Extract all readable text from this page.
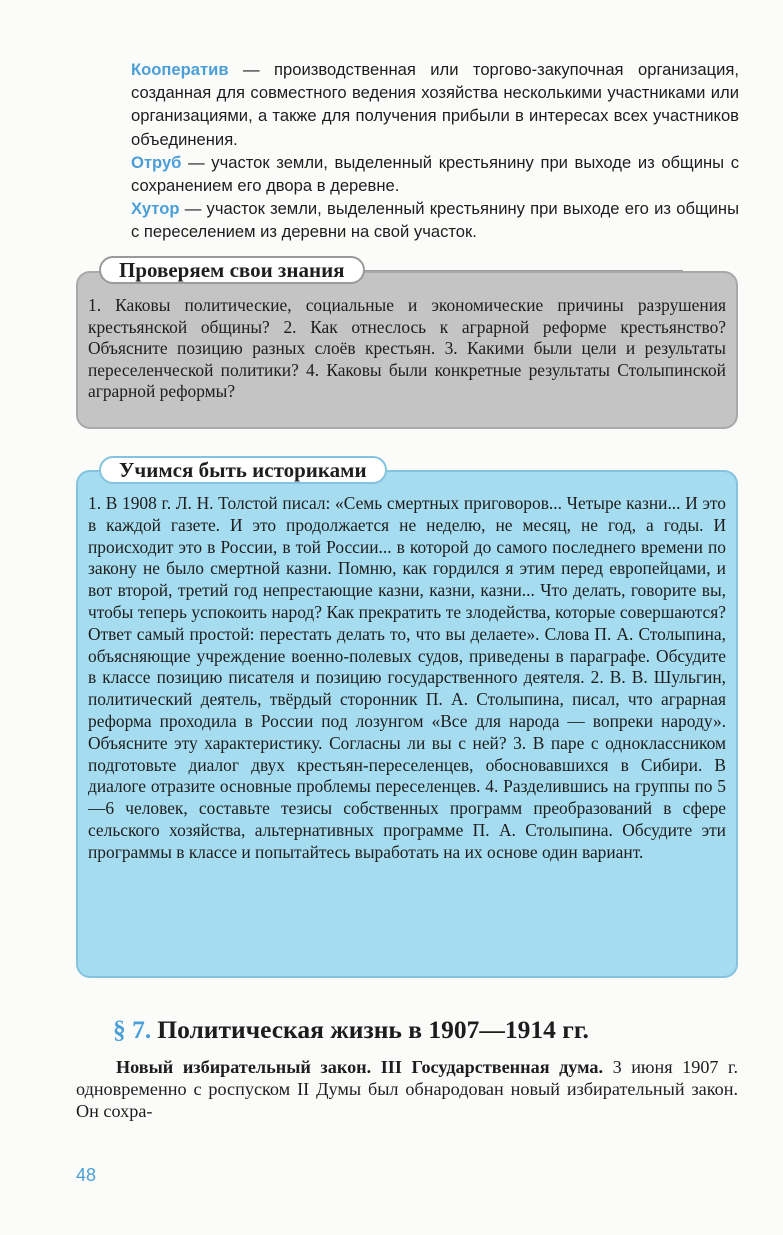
Кооператив — производственная или торгово-закупочная организация, созданная для совместного ведения хозяйства несколькими участниками или организациями, а также для получения прибыли в интересах всех участников объединения.

Отруб — участок земли, выделенный крестьянину при выходе из общины с сохранением его двора в деревне.

Хутор — участок земли, выделенный крестьянину при выходе его из общины с переселением из деревни на свой участок.

Проверяем свои знания

1. Каковы политические, социальные и экономические причины разрушения крестьянской общины? 2. Как отнеслось к аграрной реформе крестьянство? Объясните позицию разных слоёв крестьян. 3. Какими были цели и результаты переселенческой политики? 4. Каковы были конкретные результаты Столыпинской аграрной реформы?

Учимся быть историками

1. В 1908 г. Л. Н. Толстой писал: «Семь смертных приговоров... Четыре казни... И это в каждой газете. И это продолжается не неделю, не месяц, не год, а годы. И происходит это в России, в той России... в которой до самого последнего времени по закону не было смертной казни. Помню, как гордился я этим перед европейцами, и вот второй, третий год непрестающие казни, казни, казни... Что делать, говорите вы, чтобы теперь успокоить народ? Как прекратить те злодейства, которые совершаются? Ответ самый простой: перестать делать то, что вы делаете». Слова П. А. Столыпина, объясняющие учреждение военно-полевых судов, приведены в параграфе. Обсудите в классе позицию писателя и позицию государственного деятеля. 2. В. В. Шульгин, политический деятель, твёрдый сторонник П. А. Столыпина, писал, что аграрная реформа проходила в России под лозунгом «Все для народа — вопреки народу». Объясните эту характеристику. Согласны ли вы с ней? 3. В паре с одноклассником подготовьте диалог двух крестьян-переселенцев, обосновавшихся в Сибири. В диалоге отразите основные проблемы переселенцев. 4. Разделившись на группы по 5—6 человек, составьте тезисы собственных программ преобразований в сфере сельского хозяйства, альтернативных программе П. А. Столыпина. Обсудите эти программы в классе и попытайтесь выработать на их основе один вариант.

§ 7. Политическая жизнь в 1907—1914 гг.

Новый избирательный закон. III Государственная дума. 3 июня 1907 г. одновременно с роспуском II Думы был обнародован новый избирательный закон. Он сохра-

48
